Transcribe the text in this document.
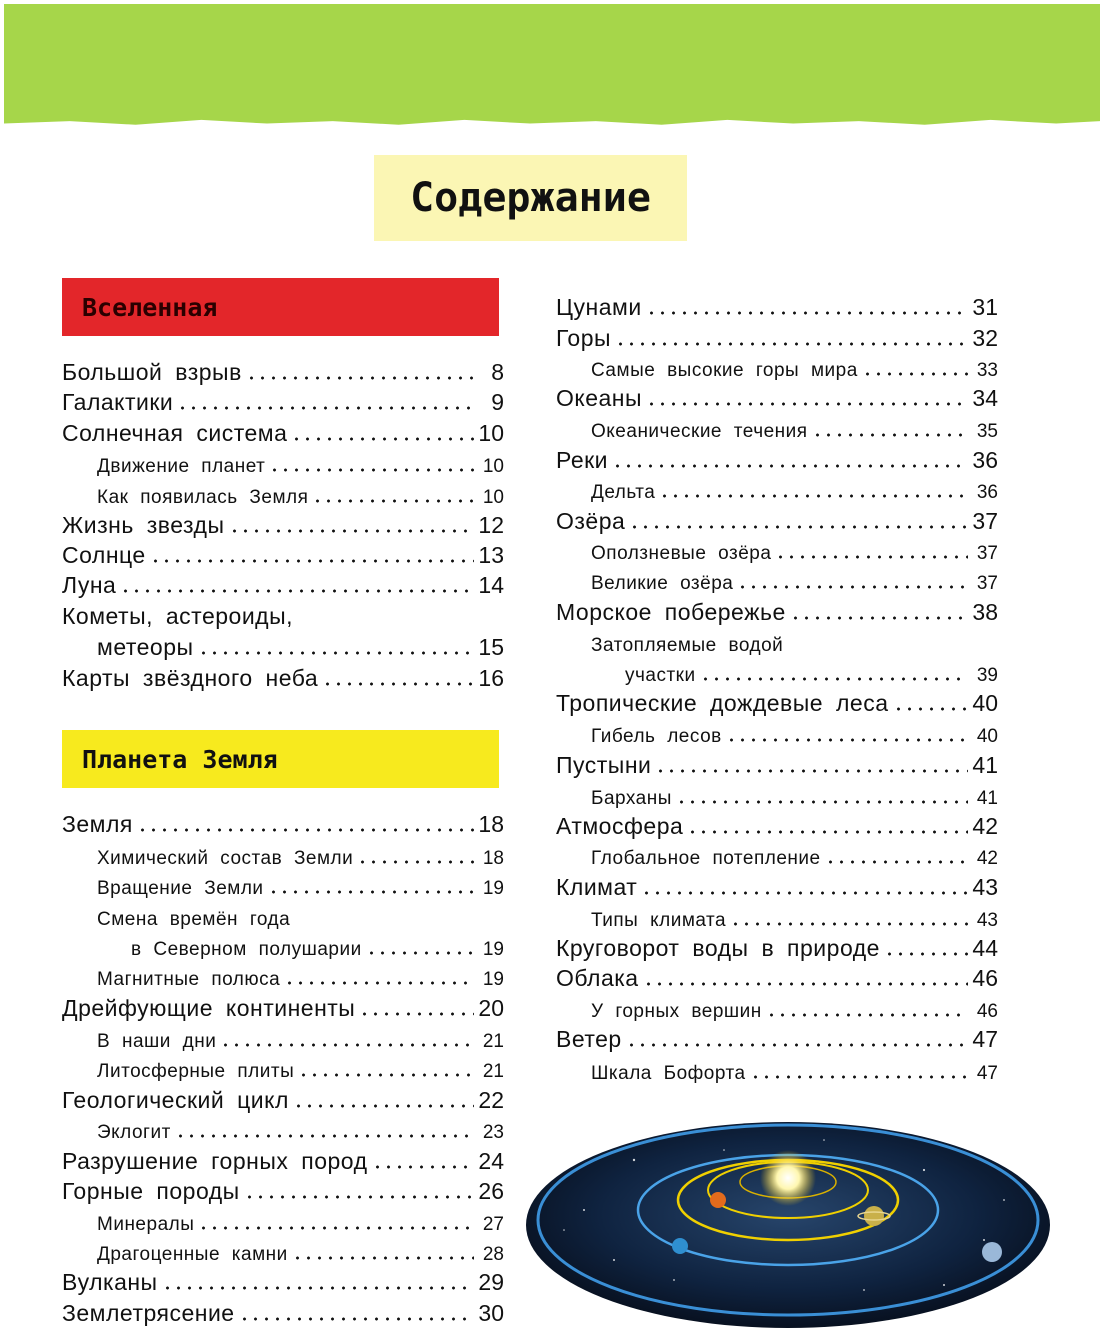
Содержание
Вселенная
Планета Земля
Большой взрыв	8
Галактики	9
Солнечная система	10
Движение планет	10
Как появилась Земля	10
Жизнь звезды	12
Солнце	13
Луна	14
Кометы, астероиды,
метеоры	15
Карты звёздного неба	16
Земля	18
Химический состав Земли	18
Вращение Земли	19
Смена времён года
в Северном полушарии	19
Магнитные полюса	19
Дрейфующие континенты	20
В наши дни	21
Литосферные плиты	21
Геологический цикл	22
Эклогит	23
Разрушение горных пород	24
Горные породы	26
Минералы	27
Драгоценные камни	28
Вулканы	29
Землетрясение	30
Цунами	31
Горы	32
Самые высокие горы мира	33
Океаны	34
Океанические течения	35
Реки	36
Дельта	36
Озёра	37
Оползневые озёра	37
Великие озёра	37
Морское побережье	38
Затопляемые водой
участки	39
Тропические дождевые леса	40
Гибель лесов	40
Пустыни	41
Барханы	41
Атмосфера	42
Глобальное потепление	42
Климат	43
Типы климата	43
Круговорот воды в природе	44
Облака	46
У горных вершин	46
Ветер	47
Шкала Бофорта	47
